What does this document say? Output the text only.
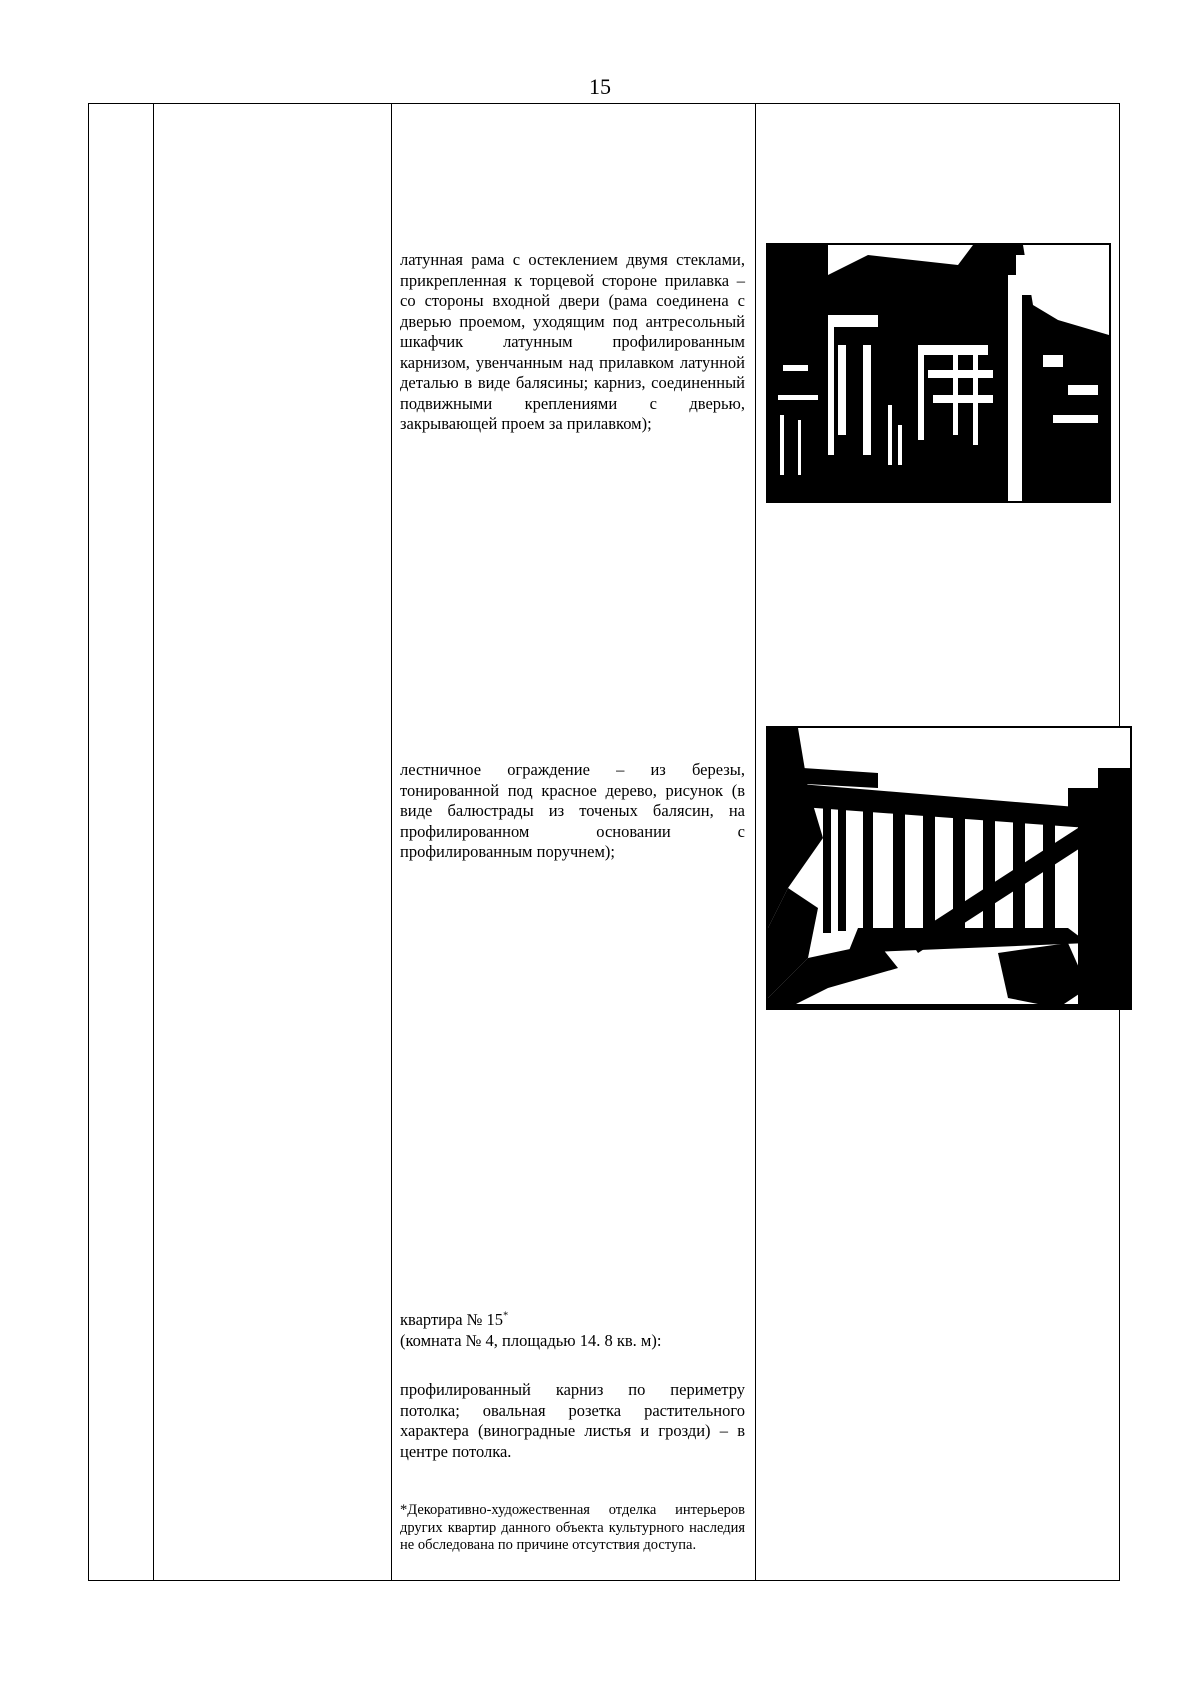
15

латунная рама с остеклением двумя стеклами, прикрепленная к торцевой стороне прилавка – со стороны входной двери (рама соединена с дверью проемом, уходящим под антресольный шкафчик латунным профилированным карнизом, увенчанным над прилавком латунной деталью в виде балясины; карниз, соединенный подвижными креплениями с дверью, закрывающей проем за прилавком);

лестничное ограждение – из березы, тонированной под красное дерево, рисунок (в виде балюстрады из точеных балясин, на профилированном основании с профилированным поручнем);

квартира № 15*

(комната № 4, площадью 14. 8 кв. м):

профилированный карниз по периметру потолка; овальная розетка растительного характера (виноградные листья и грозди) – в центре потолка.

*Декоративно-художественная отделка интерьеров других квартир данного объекта культурного наследия не обследована по причине отсутствия доступа.
